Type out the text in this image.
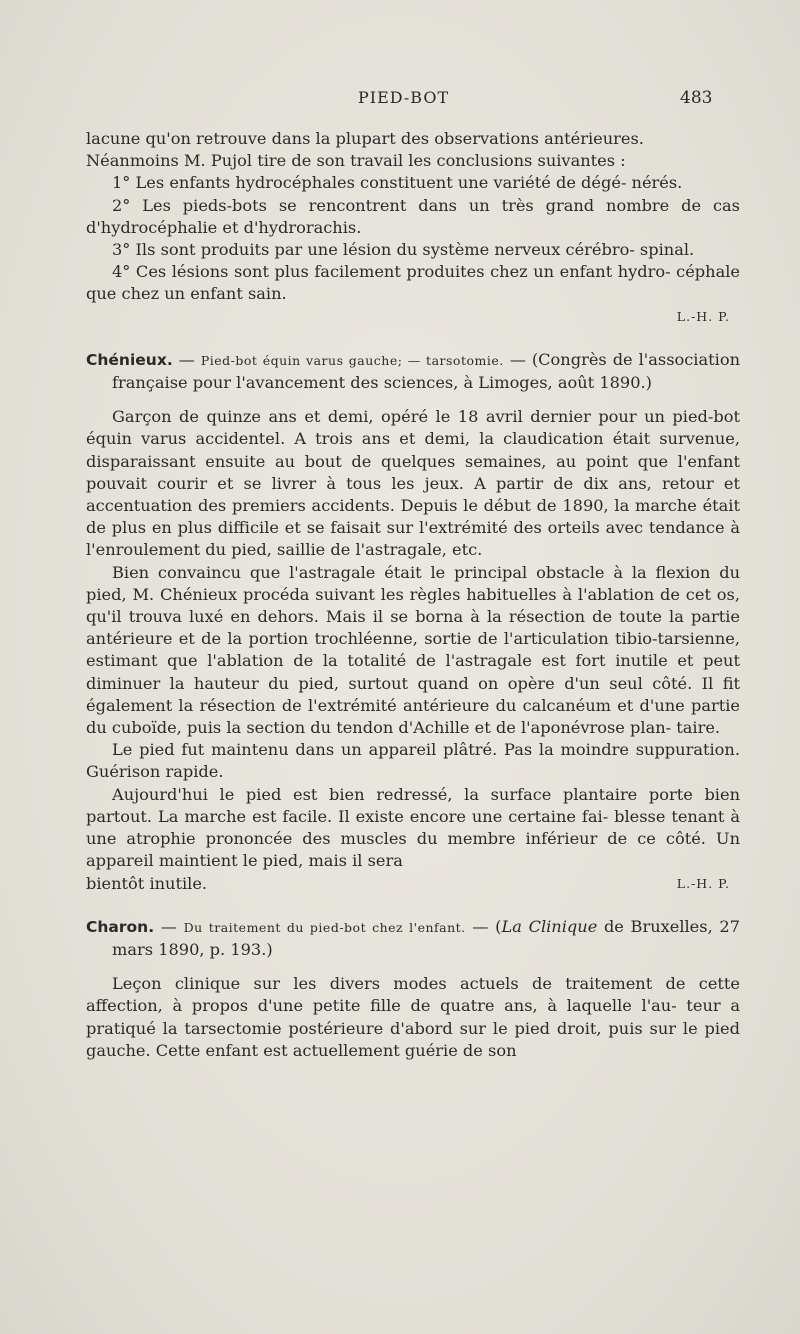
PIED-BOT	483

lacune qu'on retrouve dans la plupart des observations antérieures.

Néanmoins M. Pujol tire de son travail les conclusions suivantes :

1° Les enfants hydrocéphales constituent une variété de dégé- nérés.

2° Les pieds-bots se rencontrent dans un très grand nombre de cas d'hydrocéphalie et d'hydrorachis.

3° Ils sont produits par une lésion du système nerveux cérébro- spinal.

4° Ces lésions sont plus facilement produites chez un enfant hydro- céphale que chez un enfant sain.

L.-H. P.

Chénieux. — Pied-bot équin varus gauche; — tarsotomie. — (Congrès de l'association française pour l'avancement des sciences, à Limoges, août 1890.)

Garçon de quinze ans et demi, opéré le 18 avril dernier pour un pied-bot équin varus accidentel. A trois ans et demi, la claudication était survenue, disparaissant ensuite au bout de quelques semaines, au point que l'enfant pouvait courir et se livrer à tous les jeux. A partir de dix ans, retour et accentuation des premiers accidents. Depuis le début de 1890, la marche était de plus en plus difficile et se faisait sur l'extrémité des orteils avec tendance à l'enroulement du pied, saillie de l'astragale, etc.

Bien convaincu que l'astragale était le principal obstacle à la flexion du pied, M. Chénieux procéda suivant les règles habituelles à l'ablation de cet os, qu'il trouva luxé en dehors. Mais il se borna à la résection de toute la partie antérieure et de la portion trochléenne, sortie de l'articulation tibio-tarsienne, estimant que l'ablation de la totalité de l'astragale est fort inutile et peut diminuer la hauteur du pied, surtout quand on opère d'un seul côté. Il fit également la résection de l'extrémité antérieure du calcanéum et d'une partie du cuboïde, puis la section du tendon d'Achille et de l'aponévrose plan- taire.

Le pied fut maintenu dans un appareil plâtré. Pas la moindre suppuration. Guérison rapide.

Aujourd'hui le pied est bien redressé, la surface plantaire porte bien partout. La marche est facile. Il existe encore une certaine fai- blesse tenant à une atrophie prononcée des muscles du membre inférieur de ce côté. Un appareil maintient le pied, mais il sera

bientôt inutile.	L.-H. P.

Charon. — Du traitement du pied-bot chez l'enfant. — (La Clinique de Bruxelles, 27 mars 1890, p. 193.)

Leçon clinique sur les divers modes actuels de traitement de cette affection, à propos d'une petite fille de quatre ans, à laquelle l'au- teur a pratiqué la tarsectomie postérieure d'abord sur le pied droit, puis sur le pied gauche. Cette enfant est actuellement guérie de son
